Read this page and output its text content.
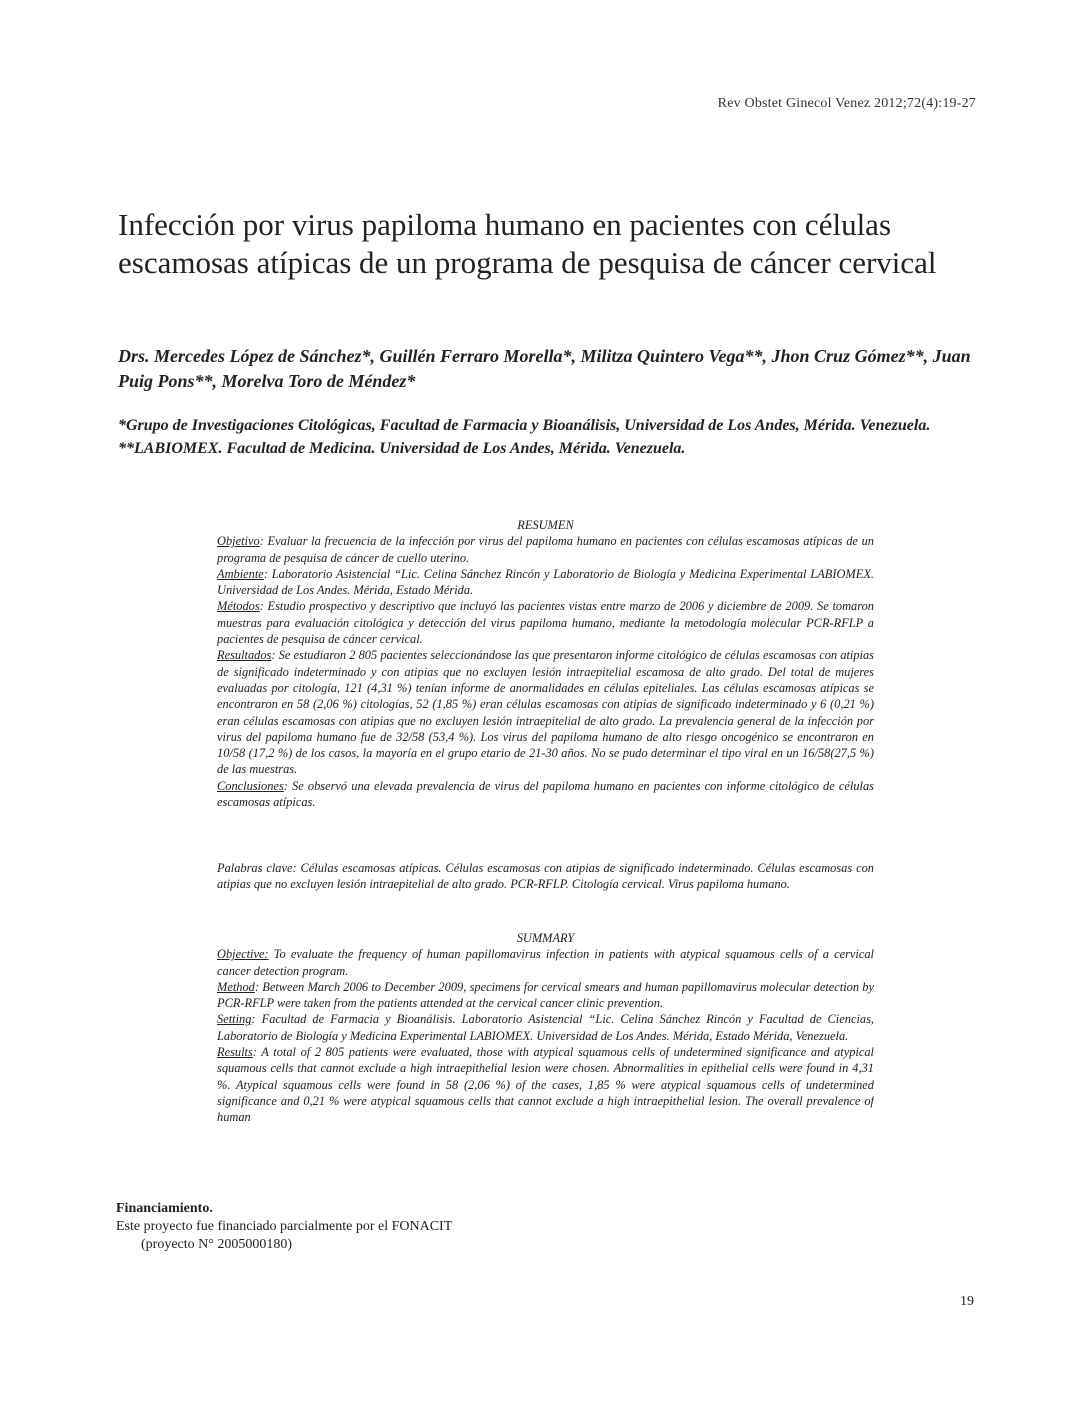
Rev Obstet Ginecol Venez 2012;72(4):19-27
Infección por virus papiloma humano en pacientes con células escamosas atípicas de un programa de pesquisa de cáncer cervical
Drs. Mercedes López de Sánchez*, Guillén Ferraro Morella*, Militza Quintero Vega**, Jhon Cruz Gómez**, Juan Puig Pons**, Morelva Toro de Méndez*
*Grupo de Investigaciones Citológicas, Facultad de Farmacia y Bioanálisis, Universidad de Los Andes, Mérida. Venezuela. **LABIOMEX. Facultad de Medicina. Universidad de Los Andes, Mérida. Venezuela.
RESUMEN

Objetivo: Evaluar la frecuencia de la infección por virus del papiloma humano en pacientes con células escamosas atípicas de un programa de pesquisa de cáncer de cuello uterino.

Ambiente: Laboratorio Asistencial “Lic. Celina Sánchez Rincón y Laboratorio de Biología y Medicina Experimental LABIOMEX. Universidad de Los Andes. Mérida, Estado Mérida.

Métodos: Estudio prospectivo y descriptivo que incluyó las pacientes vistas entre marzo de 2006 y diciembre de 2009. Se tomaron muestras para evaluación citológica y detección del virus papiloma humano, mediante la metodología molecular PCR-RFLP a pacientes de pesquisa de cáncer cervical.

Resultados: Se estudiaron 2 805 pacientes seleccionándose las que presentaron informe citológico de células escamosas con atipias de significado indeterminado y con atipias que no excluyen lesión intraepitelial escamosa de alto grado. Del total de mujeres evaluadas por citología, 121 (4,31 %) tenían informe de anormalidades en células epiteliales. Las células escamosas atípicas se encontraron en 58 (2,06 %) citologías, 52 (1,85 %) eran células escamosas con atipias de significado indeterminado y 6 (0,21 %) eran células escamosas con atipias que no excluyen lesión intraepitelial de alto grado. La prevalencia general de la infección por virus del papiloma humano fue de 32/58 (53,4 %). Los virus del papiloma humano de alto riesgo oncogénico se encontraron en 10/58 (17,2 %) de los casos, la mayoría en el grupo etario de 21-30 años. No se pudo determinar el tipo viral en un 16/58(27,5 %) de las muestras.

Conclusiones: Se observó una elevada prevalencia de virus del papiloma humano en pacientes con informe citológico de células escamosas atípicas.

Palabras clave: Células escamosas atípicas. Células escamosas con atipias de significado indeterminado. Células escamosas con atipias que no excluyen lesión intraepitelial de alto grado. PCR-RFLP. Citología cervical. Virus papiloma humano.

SUMMARY

Objective: To evaluate the frequency of human papillomavirus infection in patients with atypical squamous cells of a cervical cancer detection program.

Method: Between March 2006 to December 2009, specimens for cervical smears and human papillomavirus molecular detection by PCR-RFLP were taken from the patients attended at the cervical cancer clinic prevention.

Setting: Facultad de Farmacia y Bioanálisis. Laboratorio Asistencial “Lic. Celina Sánchez Rincón y Facultad de Ciencias, Laboratorio de Biología y Medicina Experimental LABIOMEX. Universidad de Los Andes. Mérida, Estado Mérida, Venezuela.

Results: A total of 2 805 patients were evaluated, those with atypical squamous cells of undetermined significance and atypical squamous cells that cannot exclude a high intraepithelial lesion were chosen. Abnormalities in epithelial cells were found in 4,31 %. Atypical squamous cells were found in 58 (2,06 %) of the cases, 1,85 % were atypical squamous cells of undetermined significance and 0,21 % were atypical squamous cells that cannot exclude a high intraepithelial lesion. The overall prevalence of human

Financiamiento.
Este proyecto fue financiado parcialmente por el FONACIT
(proyecto N° 2005000180)
19
